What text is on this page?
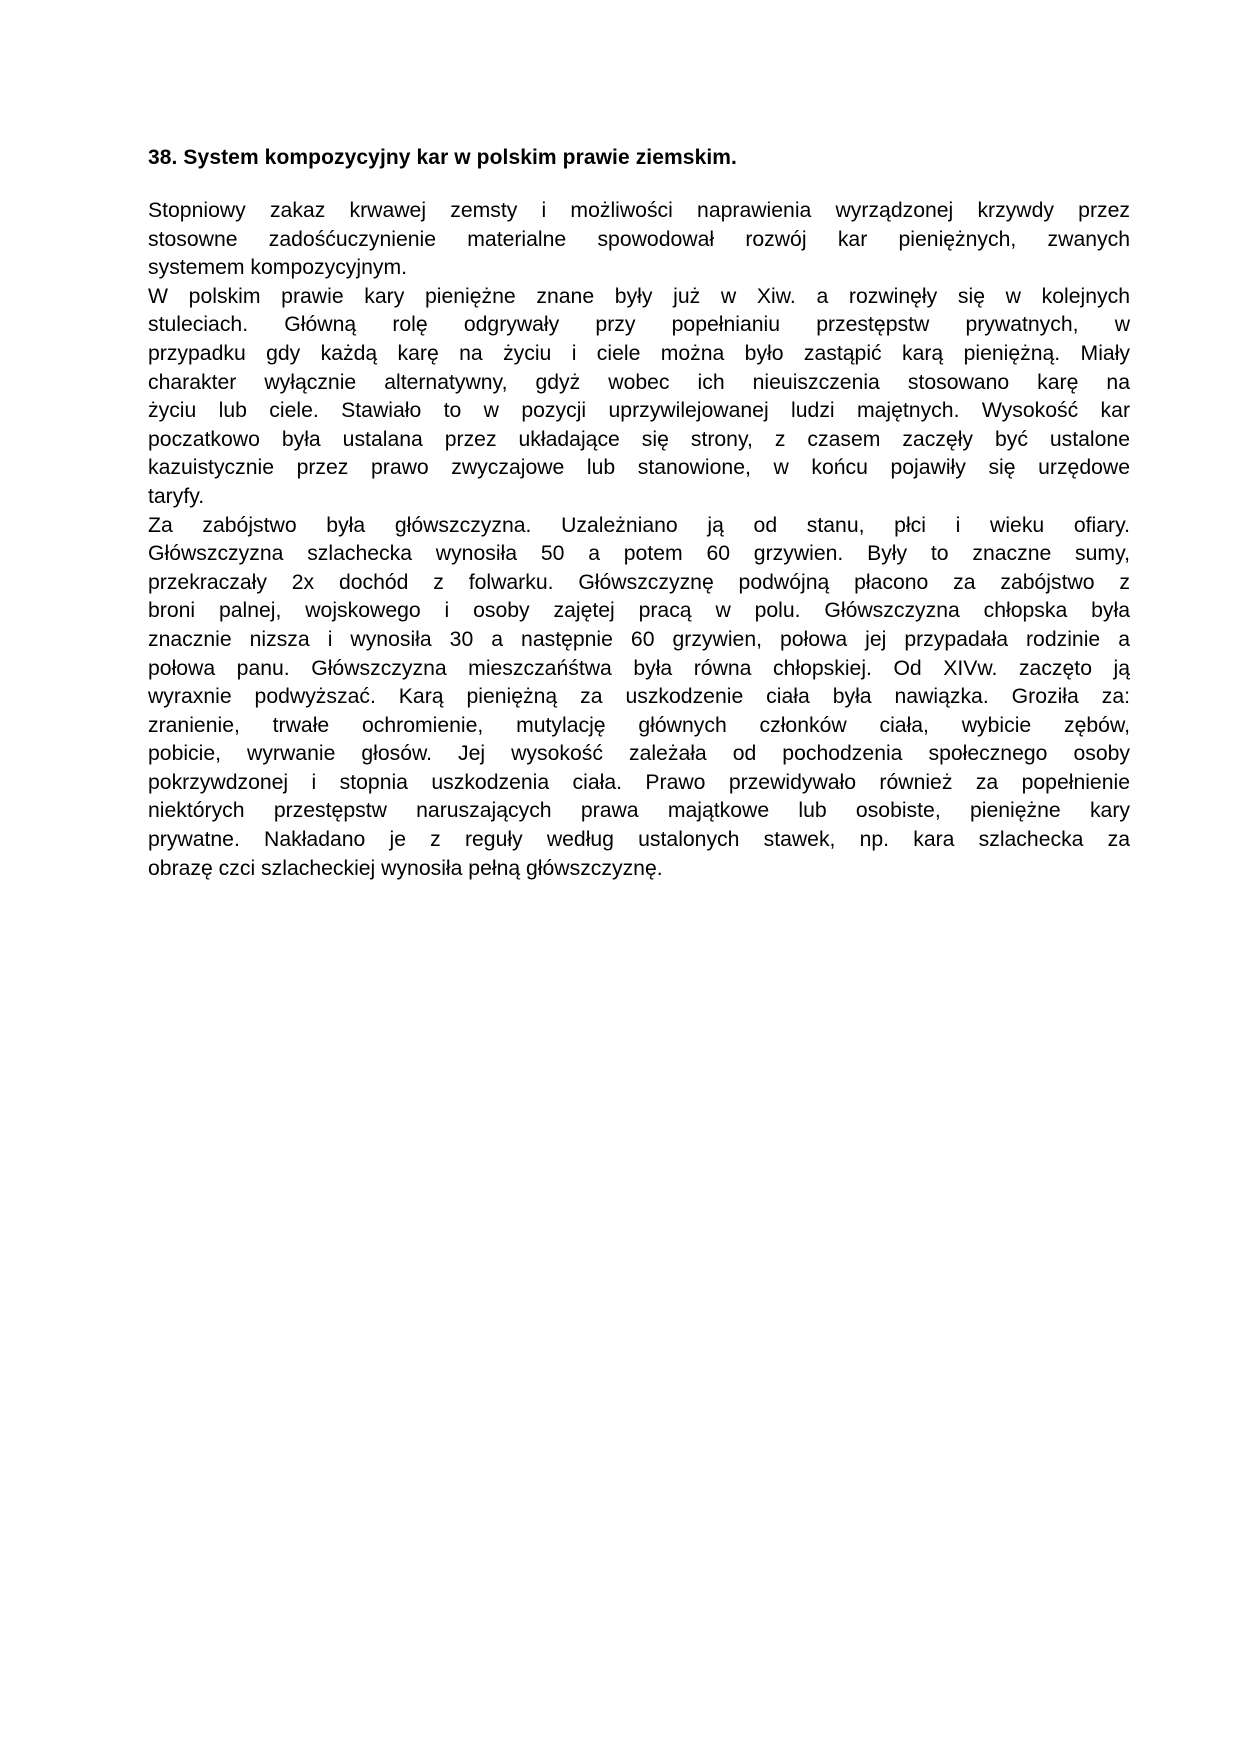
38. System kompozycyjny kar w polskim prawie ziemskim.
Stopniowy zakaz krwawej zemsty i możliwości naprawienia wyrządzonej krzywdy przez
stosowne zadośćuczynienie materialne spowodował rozwój kar pieniężnych, zwanych
systemem kompozycyjnym.
W polskim prawie kary pieniężne znane były już w Xiw. a rozwinęły się w kolejnych
stuleciach. Główną rolę odgrywały przy popełnianiu przestępstw prywatnych, w
przypadku gdy każdą karę na życiu i ciele można było zastąpić karą pieniężną. Miały
charakter wyłącznie alternatywny, gdyż wobec ich nieuiszczenia stosowano karę na
życiu lub ciele. Stawiało to w pozycji uprzywilejowanej ludzi majętnych. Wysokość kar
poczatkowo była ustalana przez układające się strony, z czasem zaczęły być ustalone
kazuistycznie przez prawo zwyczajowe lub stanowione, w końcu pojawiły się urzędowe
taryfy.
Za zabójstwo była główszczyzna. Uzależniano ją od stanu, płci i wieku ofiary.
Główszczyzna szlachecka wynosiła 50 a potem 60 grzywien. Były to znaczne sumy,
przekraczały 2x dochód z folwarku. Główszczyznę podwójną płacono za zabójstwo z
broni palnej, wojskowego i osoby zajętej pracą w polu. Główszczyzna chłopska była
znacznie nizsza i wynosiła 30 a następnie 60 grzywien, połowa jej przypadała rodzinie a
połowa panu. Główszczyzna mieszczańśtwa była równa chłopskiej. Od XIVw. zaczęto ją
wyraxnie podwyższać. Karą pieniężną za uszkodzenie ciała była nawiązka. Groziła za:
zranienie, trwałe ochromienie, mutylację głównych członków ciała, wybicie zębów,
pobicie, wyrwanie głosów. Jej wysokość zależała od pochodzenia społecznego osoby
pokrzywdzonej i stopnia uszkodzenia ciała. Prawo przewidywało również za popełnienie
niektórych przestępstw naruszających prawa majątkowe lub osobiste, pieniężne kary
prywatne. Nakładano je z reguły według ustalonych stawek, np. kara szlachecka za
obrazę czci szlacheckiej wynosiła pełną główszczyznę.
